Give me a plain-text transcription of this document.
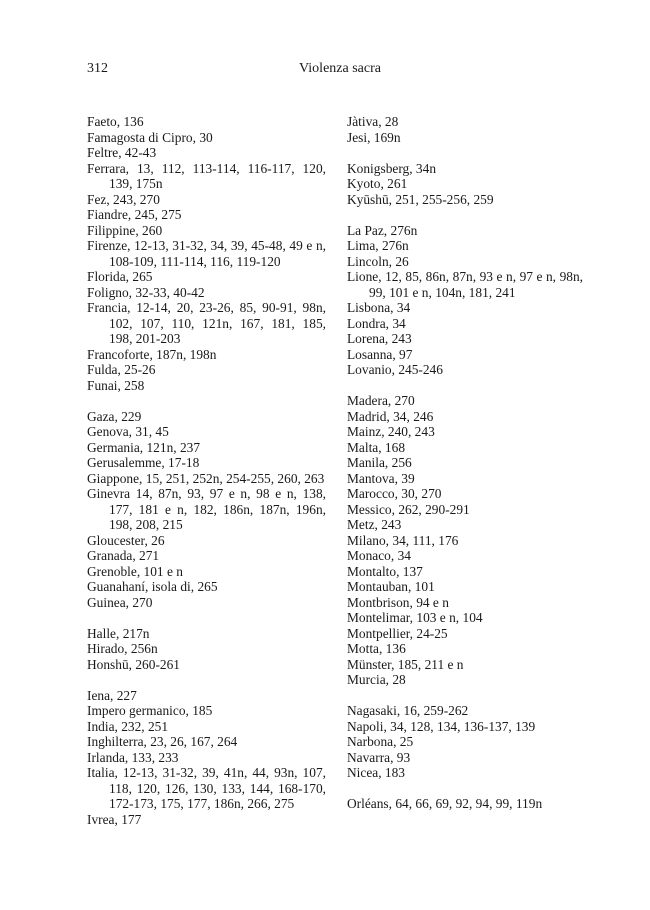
312	Violenza sacra
Faeto, 136
Famagosta di Cipro, 30
Feltre, 42-43
Ferrara, 13, 112, 113-114, 116-117, 120, 139, 175n
Fez, 243, 270
Fiandre, 245, 275
Filippine, 260
Firenze, 12-13, 31-32, 34, 39, 45-48, 49 e n, 108-109, 111-114, 116, 119-120
Florida, 265
Foligno, 32-33, 40-42
Francia, 12-14, 20, 23-26, 85, 90-91, 98n, 102, 107, 110, 121n, 167, 181, 185, 198, 201-203
Francoforte, 187n, 198n
Fulda, 25-26
Funai, 258
Gaza, 229
Genova, 31, 45
Germania, 121n, 237
Gerusalemme, 17-18
Giappone, 15, 251, 252n, 254-255, 260, 263
Ginevra 14, 87n, 93, 97 e n, 98 e n, 138, 177, 181 e n, 182, 186n, 187n, 196n, 198, 208, 215
Gloucester, 26
Granada, 271
Grenoble, 101 e n
Guanahaní, isola di, 265
Guinea, 270
Halle, 217n
Hirado, 256n
Honshū, 260-261
Iena, 227
Impero germanico, 185
India, 232, 251
Inghilterra, 23, 26, 167, 264
Irlanda, 133, 233
Italia, 12-13, 31-32, 39, 41n, 44, 93n, 107, 118, 120, 126, 130, 133, 144, 168-170, 172-173, 175, 177, 186n, 266, 275
Ivrea, 177
Jàtiva, 28
Jesi, 169n
Konigsberg, 34n
Kyoto, 261
Kyūshū, 251, 255-256, 259
La Paz, 276n
Lima, 276n
Lincoln, 26
Lione, 12, 85, 86n, 87n, 93 e n, 97 e n, 98n, 99, 101 e n, 104n, 181, 241
Lisbona, 34
Londra, 34
Lorena, 243
Losanna, 97
Lovanio, 245-246
Madera, 270
Madrid, 34, 246
Mainz, 240, 243
Malta, 168
Manila, 256
Mantova, 39
Marocco, 30, 270
Messico, 262, 290-291
Metz, 243
Milano, 34, 111, 176
Monaco, 34
Montalto, 137
Montauban, 101
Montbrison, 94 e n
Montelimar, 103 e n, 104
Montpellier, 24-25
Motta, 136
Münster, 185, 211 e n
Murcia, 28
Nagasaki, 16, 259-262
Napoli, 34, 128, 134, 136-137, 139
Narbona, 25
Navarra, 93
Nicea, 183
Orléans, 64, 66, 69, 92, 94, 99, 119n
